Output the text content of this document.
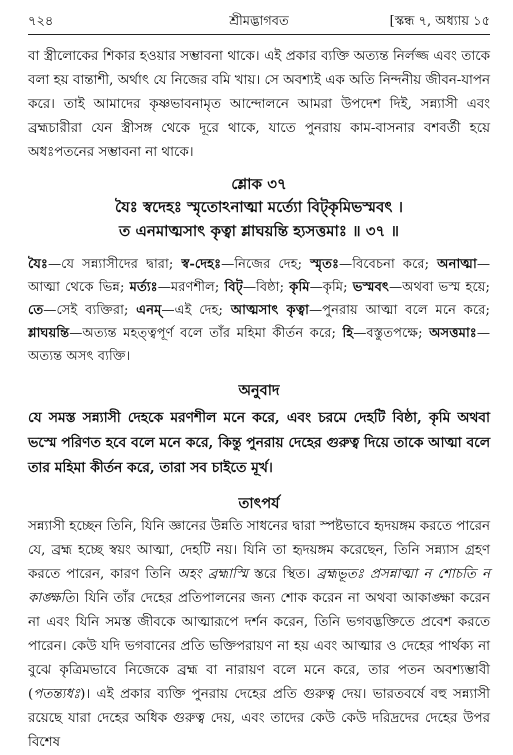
৭২৪	শ্রীমদ্ভাগবত	[স্কন্ধ ৭, অধ্যায় ১৫

বা স্ত্রীলোকের শিকার হওয়ার সম্ভাবনা থাকে। এই প্রকার ব্যক্তি অত্যন্ত নির্লজ্জ এবং তাকে বলা হয় বান্তাশী, অর্থাৎ যে নিজের বমি খায়। সে অবশ্যই এক অতি নিন্দনীয় জীবন-যাপন করে। তাই আমাদের কৃষ্ণভাবনামৃত আন্দোলনে আমরা উপদেশ দিই, সন্ন্যাসী এবং ব্রহ্মচারীরা যেন স্ত্রীসঙ্গ থেকে দূরে থাকে, যাতে পুনরায় কাম-বাসনার বশবর্তী হয়ে অধঃপতনের সম্ভাবনা না থাকে।

শ্লোক ৩৭
যৈঃ স্বদেহঃ স্মৃতোঽনাত্মা মর্ত্যো বিট্‌কৃমিভস্মবৎ ।
ত এনমাত্মসাৎ কৃত্বা শ্লাঘয়ন্তি হ্যসত্তমাঃ ॥ ৩৭ ॥

যৈঃ—যে সন্ন্যাসীদের দ্বারা; স্ব-দেহঃ—নিজের দেহ; স্মৃতঃ—বিবেচনা করে; অনাত্মা—আত্মা থেকে ভিন্ন; মর্ত্যঃ—মরণশীল; বিট্—বিষ্ঠা; কৃমি—কৃমি; ভস্মবৎ—অথবা ভস্ম হয়ে; তে—সেই ব্যক্তিরা; এনম্—এই দেহ; আত্মসাৎ কৃত্বা—পুনরায় আত্মা বলে মনে করে; শ্লাঘয়ন্তি—অত্যন্ত মহত্ত্বপূর্ণ বলে তাঁর মহিমা কীর্তন করে; হি—বস্তুতপক্ষে; অসত্তমাঃ—অত্যন্ত অসৎ ব্যক্তি।

অনুবাদ

যে সমস্ত সন্ন্যাসী দেহকে মরণশীল মনে করে, এবং চরমে দেহটি বিষ্ঠা, কৃমি অথবা ভস্মে পরিণত হবে বলে মনে করে, কিন্তু পুনরায় দেহের গুরুত্ব দিয়ে তাকে আত্মা বলে তার মহিমা কীর্তন করে, তারা সব চাইতে মূর্খ।

তাৎপর্য

সন্ন্যাসী হচ্ছেন তিনি, যিনি জ্ঞানের উন্নতি সাধনের দ্বারা স্পষ্টভাবে হৃদয়ঙ্গম করতে পারেন যে, ব্রহ্ম হচ্ছে স্বয়ং আত্মা, দেহটি নয়। যিনি তা হৃদয়ঙ্গম করেছেন, তিনি সন্ন্যাস গ্রহণ করতে পারেন, কারণ তিনি অহং ব্রহ্মাস্মি স্তরে স্থিত। ব্রহ্মভূতঃ প্রসন্নাত্মা ন শোচতি ন কাঙ্ক্ষতি। যিনি তাঁর দেহের প্রতিপালনের জন্য শোক করেন না অথবা আকাঙ্ক্ষা করেন না এবং যিনি সমস্ত জীবকে আত্মারূপে দর্শন করেন, তিনি ভগবদ্ভক্তিতে প্রবেশ করতে পারেন। কেউ যদি ভগবানের প্রতি ভক্তিপরায়ণ না হয় এবং আত্মার ও দেহের পার্থক্য না বুঝে কৃত্রিমভাবে নিজেকে ব্রহ্ম বা নারায়ণ বলে মনে করে, তার পতন অবশ্যম্ভাবী (পতন্ত্যধঃ)। এই প্রকার ব্যক্তি পুনরায় দেহের প্রতি গুরুত্ব দেয়। ভারতবর্ষে বহু সন্ন্যাসী রয়েছে যারা দেহের অধিক গুরুত্ব দেয়, এবং তাদের কেউ কেউ দরিদ্রদের দেহের উপর বিশেষ
